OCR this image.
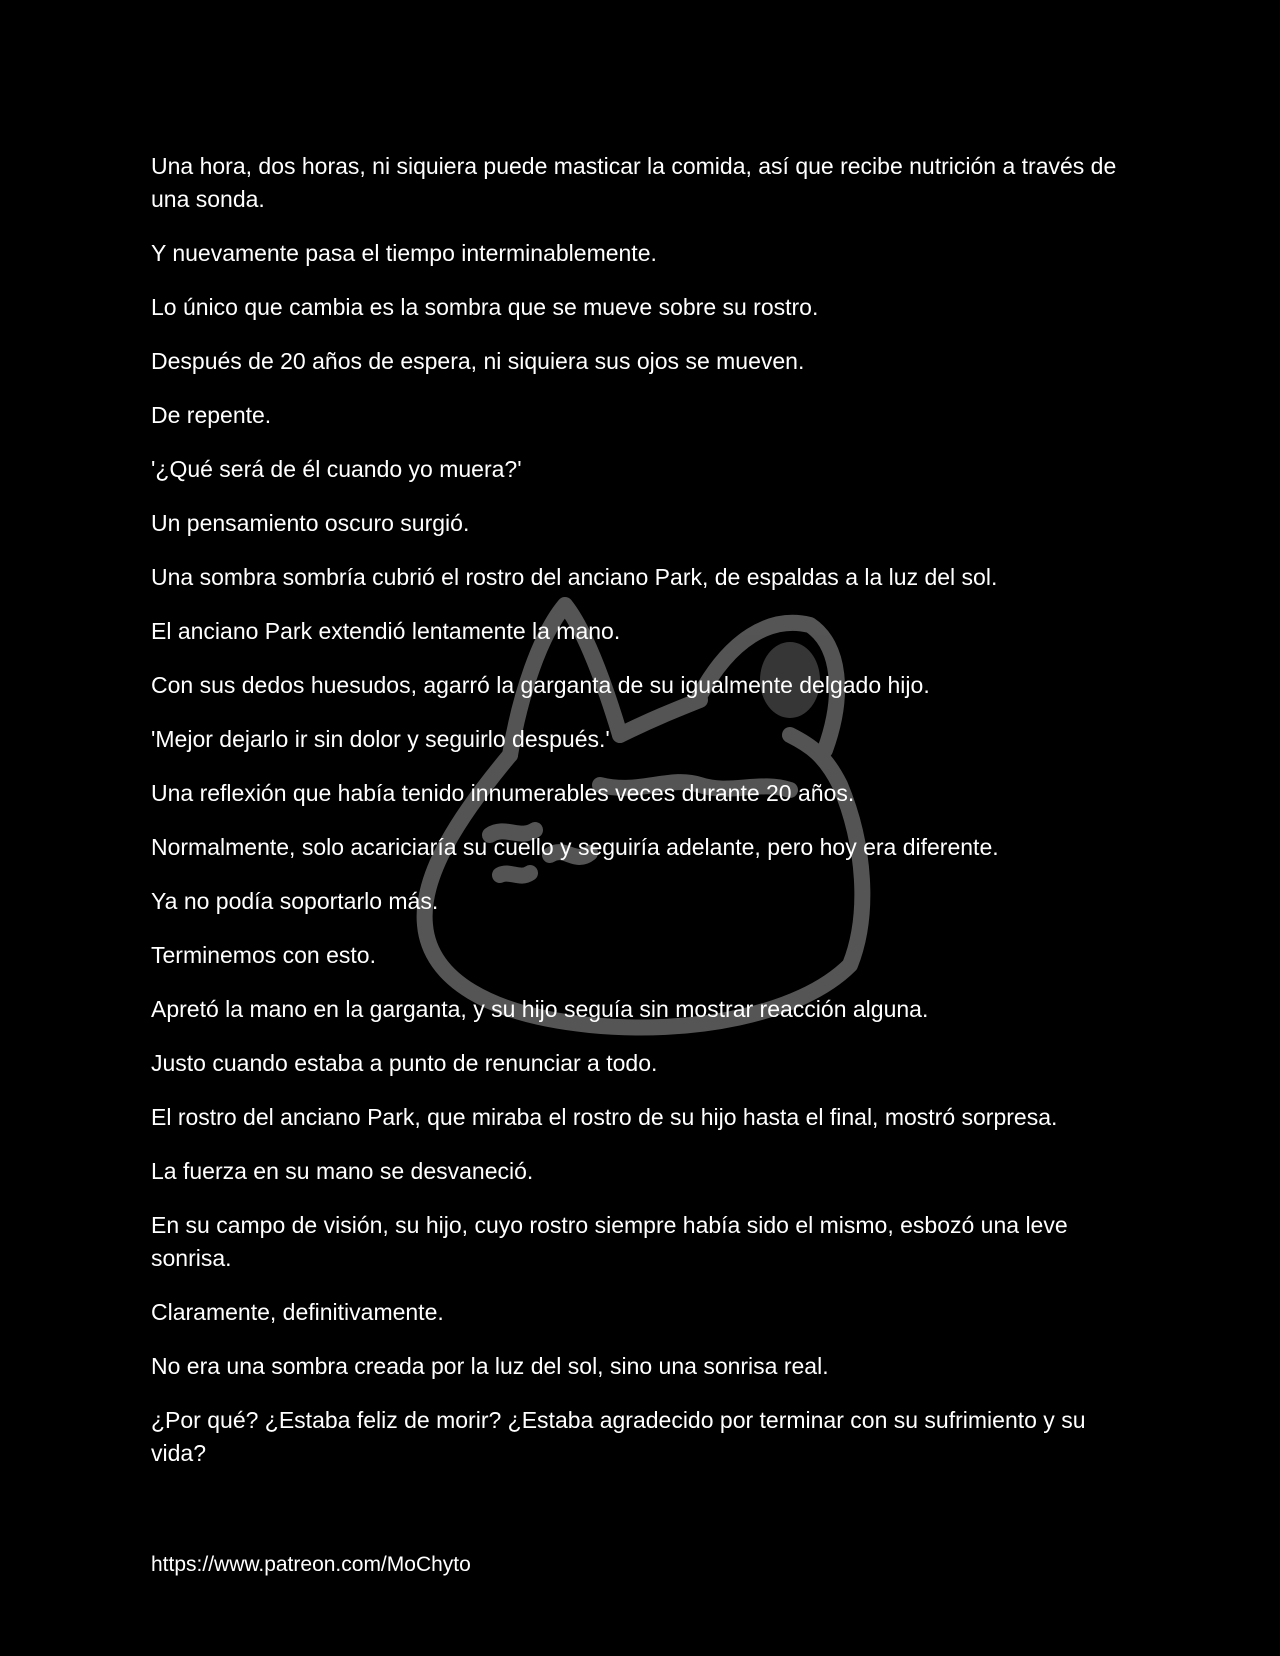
Una hora, dos horas, ni siquiera puede masticar la comida, así que recibe nutrición a través de una sonda.

Y nuevamente pasa el tiempo interminablemente.

Lo único que cambia es la sombra que se mueve sobre su rostro.

Después de 20 años de espera, ni siquiera sus ojos se mueven.

De repente.

'¿Qué será de él cuando yo muera?'

Un pensamiento oscuro surgió.

Una sombra sombría cubrió el rostro del anciano Park, de espaldas a la luz del sol.

El anciano Park extendió lentamente la mano.

Con sus dedos huesudos, agarró la garganta de su igualmente delgado hijo.

'Mejor dejarlo ir sin dolor y seguirlo después.'

Una reflexión que había tenido innumerables veces durante 20 años.

Normalmente, solo acariciaría su cuello y seguiría adelante, pero hoy era diferente.

Ya no podía soportarlo más.

Terminemos con esto.

Apretó la mano en la garganta, y su hijo seguía sin mostrar reacción alguna.

Justo cuando estaba a punto de renunciar a todo.

El rostro del anciano Park, que miraba el rostro de su hijo hasta el final, mostró sorpresa.

La fuerza en su mano se desvaneció.

En su campo de visión, su hijo, cuyo rostro siempre había sido el mismo, esbozó una leve sonrisa.

Claramente, definitivamente.

No era una sombra creada por la luz del sol, sino una sonrisa real.

¿Por qué? ¿Estaba feliz de morir? ¿Estaba agradecido por terminar con su sufrimiento y su vida?

https://www.patreon.com/MoChyto
